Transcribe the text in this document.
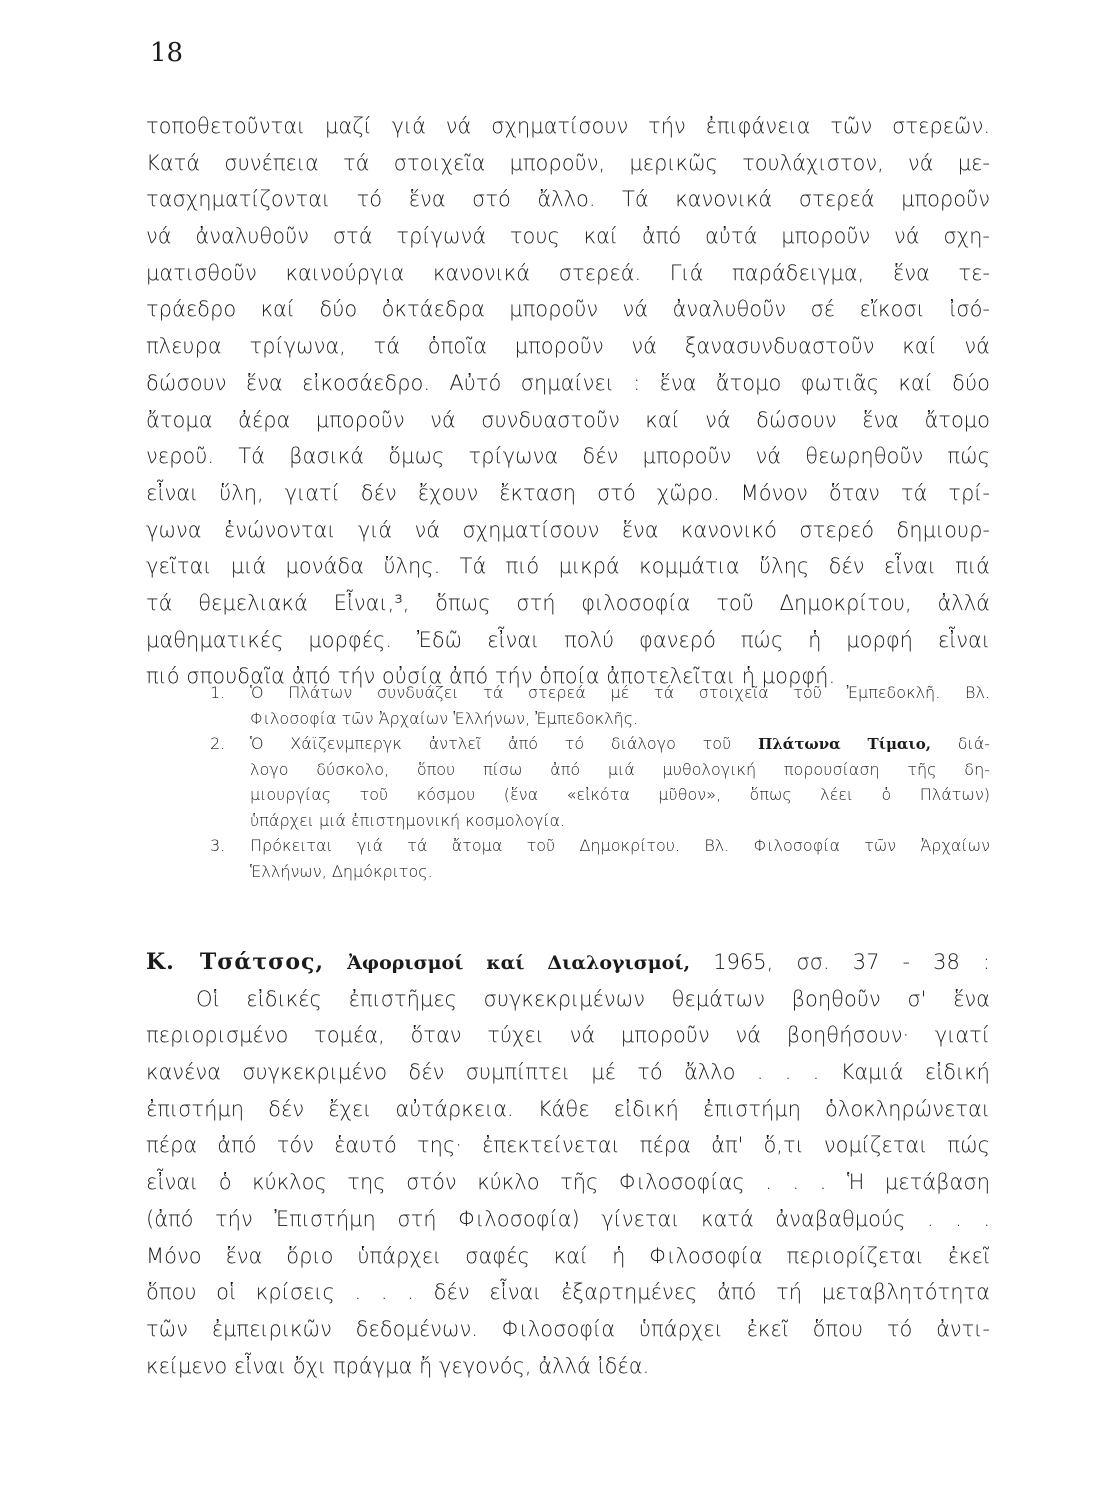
18
τοποθετοῦνται μαζί γιά νά σχηματίσουν τήν ἐπιφάνεια τῶν στερεῶν.
Κατά συνέπεια τά στοιχεῖα μποροῦν, μερικῶς τουλάχιστον, νά με-
τασχηματίζονται τό ἕνα στό ἄλλο. Τά κανονικά στερεά μποροῦν
νά ἀναλυθοῦν στά τρίγωνά τους καί ἀπό αὐτά μποροῦν νά σχη-
ματισθοῦν καινούργια κανονικά στερεά. Γιά παράδειγμα, ἕνα τε-
τράεδρο καί δύο ὀκτάεδρα μποροῦν νά ἀναλυθοῦν σέ εἴκοσι ἰσό-
πλευρα τρίγωνα, τά ὁποῖα μποροῦν νά ξανασυνδυαστοῦν καί νά
δώσουν ἕνα εἰκοσάεδρο. Αὐτό σημαίνει : ἕνα ἄτομο φωτιᾶς καί δύο
ἄτομα ἀέρα μποροῦν νά συνδυαστοῦν καί νά δώσουν ἕνα ἄτομο
νεροῦ. Τά βασικά ὅμως τρίγωνα δέν μποροῦν νά θεωρηθοῦν πώς
εἶναι ὕλη, γιατί δέν ἔχουν ἔκταση στό χῶρο. Μόνον ὅταν τά τρί-
γωνα ἑνώνονται γιά νά σχηματίσουν ἕνα κανονικό στερεό δημιουρ-
γεῖται μιά μονάδα ὕλης. Τά πιό μικρά κομμάτια ὕλης δέν εἶναι πιά
τά θεμελιακά Εἶναι,³, ὅπως στή φιλοσοφία τοῦ Δημοκρίτου, ἀλλά
μαθηματικές μορφές. Ἐδῶ εἶναι πολύ φανερό πώς ἡ μορφή εἶναι
πιό σπουδαῖα ἀπό τήν οὐσία ἀπό τήν ὁποία ἀποτελεῖται ἡ μορφή.
1.	Ὁ Πλάτων συνδυάζει τά στερεά μέ τά στοιχεῖα τοῦ Ἐμπεδοκλῆ. Βλ.
Φιλοσοφία τῶν Ἀρχαίων Ἑλλήνων, Ἐμπεδοκλῆς.
2.	Ὁ Χάϊζενμπεργκ ἀντλεῖ ἀπό τό διάλογο τοῦ Πλάτωνα Τίμαιο, διά-
λογο δύσκολο, ὅπου πίσω ἀπό μιά μυθολογική πορουσίαση τῆς δη-
μιουργίας τοῦ κόσμου (ἕνα «εἰκότα μῦθον», ὅπως λέει ὁ Πλάτων)
ὑπάρχει μιά ἐπιστημονική κοσμολογία.
3.	Πρόκειται γιά τά ἄτομα τοῦ Δημοκρίτου. Βλ. Φιλοσοφία τῶν Ἀρχαίων
Ἑλλήνων, Δημόκριτος.
Κ. Τσάτσος, Ἀφορισμοί καί Διαλογισμοί, 1965, σσ. 37 - 38 :
Οἱ εἰδικές ἐπιστῆμες συγκεκριμένων θεμάτων βοηθοῦν σ' ἕνα
περιορισμένο τομέα, ὅταν τύχει νά μποροῦν νά βοηθήσουν· γιατί
κανένα συγκεκριμένο δέν συμπίπτει μέ τό ἄλλο . . . Καμιά εἰδική
ἐπιστήμη δέν ἔχει αὐτάρκεια. Κάθε εἰδική ἐπιστήμη ὁλοκληρώνεται
πέρα ἀπό τόν ἑαυτό της· ἐπεκτείνεται πέρα ἀπ' ὅ,τι νομίζεται πώς
εἶναι ὁ κύκλος της στόν κύκλο τῆς Φιλοσοφίας . . . Ἡ μετάβαση
(ἀπό τήν Ἐπιστήμη στή Φιλοσοφία) γίνεται κατά ἀναβαθμούς . . .
Μόνο ἕνα ὅριο ὑπάρχει σαφές καί ἡ Φιλοσοφία περιορίζεται ἐκεῖ
ὅπου οἱ κρίσεις . . . δέν εἶναι ἐξαρτημένες ἀπό τή μεταβλητότητα
τῶν ἐμπειρικῶν δεδομένων. Φιλοσοφία ὑπάρχει ἐκεῖ ὅπου τό ἀντι-
κείμενο εἶναι ὄχι πράγμα ἤ γεγονός, ἀλλά ἰδέα.
